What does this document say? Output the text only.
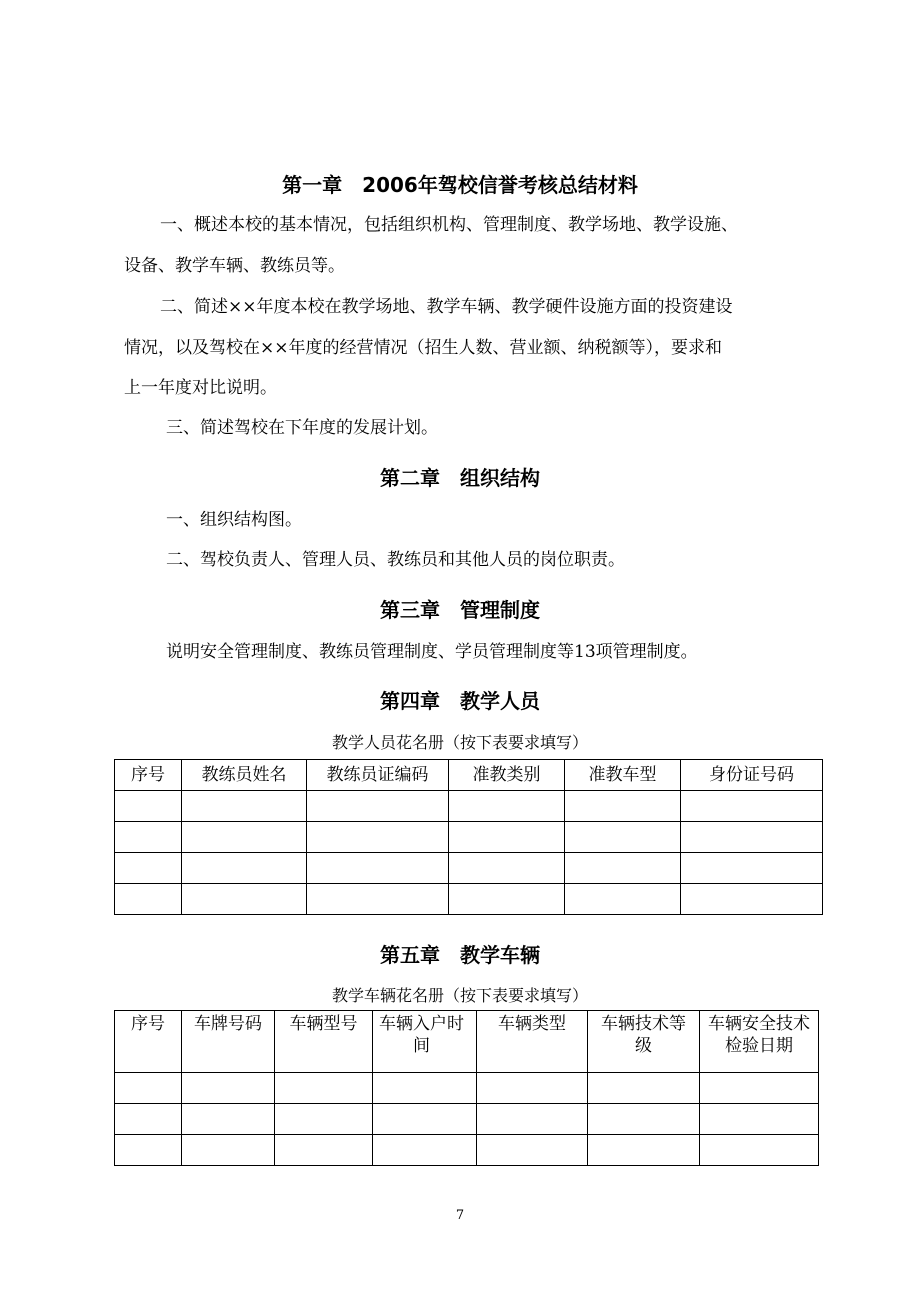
第一章　2006年驾校信誉考核总结材料
一、概述本校的基本情况，包括组织机构、管理制度、教学场地、教学设施、
设备、教学车辆、教练员等。
二、简述××年度本校在教学场地、教学车辆、教学硬件设施方面的投资建设
情况，以及驾校在××年度的经营情况（招生人数、营业额、纳税额等），要求和
上一年度对比说明。
三、简述驾校在下年度的发展计划。
第二章　组织结构
一、组织结构图。
二、驾校负责人、管理人员、教练员和其他人员的岗位职责。
第三章　管理制度
说明安全管理制度、教练员管理制度、学员管理制度等13项管理制度。
第四章　教学人员
教学人员花名册（按下表要求填写）
序号	教练员姓名	教练员证编码	准教类别	准教车型	身份证号码

第五章　教学车辆
教学车辆花名册（按下表要求填写）
序号	车牌号码	车辆型号	车辆入户时间	车辆类型	车辆技术等级	车辆安全技术检验日期

7
